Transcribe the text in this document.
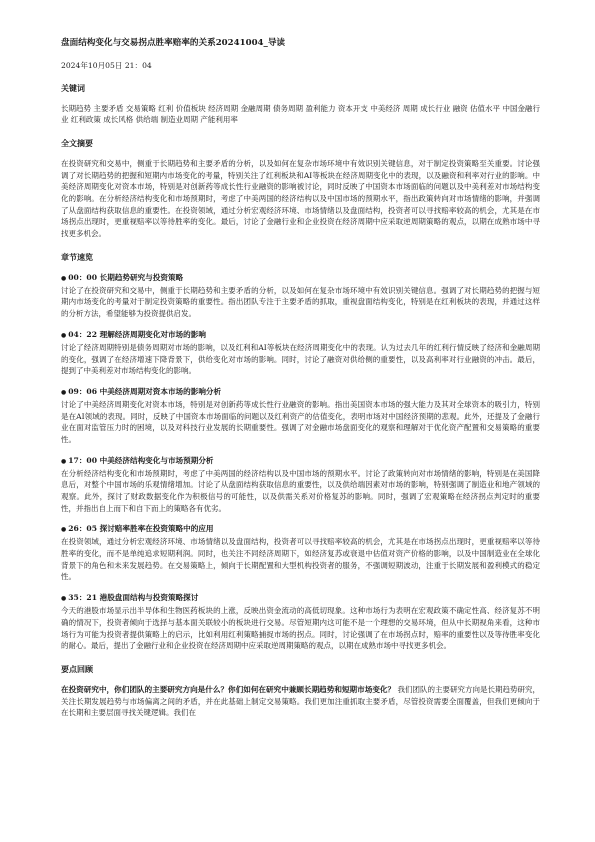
盘面结构变化与交易拐点胜率赔率的关系20241004_导读
2024年10月05日 21：04
关键词

长期趋势 主要矛盾 交易策略 红利 价值板块 经济周期 金融周期 债务周期 盈利能力 资本开支 中美经济 周期 成长行业 融资 估值水平 中国金融行业 红利政策 成长风格 供给端 制造业周期 产能利用率

全文摘要

在投资研究和交易中，侧重于长期趋势和主要矛盾的分析，以及如何在复杂市场环境中有效识别关键信息，对于制定投资策略至关重要。讨论强调了对长期趋势的把握和短期内市场变化的考量，特别关注了红利板块和AI等板块在经济周期变化中的表现，以及融资和利率对行业的影响。中美经济周期变化对资本市场，特别是对创新药等成长性行业融资的影响被讨论，同时反映了中国资本市场面临的问题以及中美利差对市场结构变化的影响。在分析经济结构变化和市场预期时，考虑了中美两国的经济结构以及中国市场的预期水平，指出政策转向对市场情绪的影响，并强调了从盘面结构获取信息的重要性。在投资领域，通过分析宏观经济环境、市场情绪以及盘面结构，投资者可以寻找赔率较高的机会，尤其是在市场拐点出现时，更重视赔率以等待胜率的变化。最后，讨论了金融行业和企业投资在经济周期中应采取逆周期策略的观点，以期在成熟市场中寻找更多机会。

章节速览
● 00：00 长期趋势研究与投资策略

讨论了在投资研究和交易中，侧重于长期趋势和主要矛盾的分析，以及如何在复杂市场环境中有效识别关键信息。强调了对长期趋势的把握与短期内市场变化的考量对于制定投资策略的重要性。指出团队专注于主要矛盾的抓取，重视盘面结构变化，特别是在红利板块的表现，并通过这样的分析方法，希望能够为投资提供启发。

● 04：22 理解经济周期变化对市场的影响

讨论了经济周期特别是债务周期对市场的影响，以及红利和AI等板块在经济周期变化中的表现。认为过去几年的红利行情反映了经济和金融周期的变化，强调了在经济增速下降背景下，供给变化对市场的影响。同时，讨论了融资对供给侧的重要性，以及高利率对行业融资的冲击。最后，提到了中美利差对市场结构变化的影响。

● 09：06 中美经济周期对资本市场的影响分析

讨论了中美经济周期变化对资本市场，特别是对创新药等成长性行业融资的影响。指出美国资本市场的强大能力及其对全球资本的吸引力，特别是在AI领域的表现。同时，反映了中国资本市场面临的问题以及红利资产的估值变化，表明市场对中国经济预期的悲观。此外，还提及了金融行业在面对监管压力时的困境，以及对科技行业发展的长期重要性。强调了对金融市场盘面变化的观察和理解对于优化资产配置和交易策略的重要性。

● 17：00 中美经济结构变化与市场预期分析

在分析经济结构变化和市场预期时，考虑了中美两国的经济结构以及中国市场的预期水平。讨论了政策转向对市场情绪的影响，特别是在美国降息后，对整个中国市场的乐观情绪增加。讨论了从盘面结构获取信息的重要性，以及供给端因素对市场的影响，特别强调了制造业和地产领域的观察。此外，探讨了财政数据变化作为积极信号的可能性，以及供需关系对价格复苏的影响。同时，强调了宏观策略在经济拐点判定时的重要性，并指出自上而下和自下而上的策略各有优劣。

● 26：05 探讨赔率胜率在投资策略中的应用

在投资领域，通过分析宏观经济环境、市场情绪以及盘面结构，投资者可以寻找赔率较高的机会，尤其是在市场拐点出现时，更重视赔率以等待胜率的变化，而不是单纯追求短期利润。同时，也关注不同经济周期下，如经济复苏或衰退中估值对资产价格的影响，以及中国制造业在全球化背景下的角色和未来发展趋势。在交易策略上，倾向于长期配置和大型机构投资者的服务，不强调短期波动，注重于长期发展和盈利模式的稳定性。

● 35：21 港股盘面结构与投资策略探讨

今天的港股市场显示出半导体和生物医药板块的上涨，反映出资金流动的高低切现象。这种市场行为表明在宏观政策不确定性高、经济复苏不明确的情况下，投资者倾向于选择与基本面关联较小的板块进行交易。尽管短期内这可能不是一个理想的交易环境，但从中长期视角来看，这种市场行为可能为投资者提供策略上的启示，比如利用红利策略捕捉市场的拐点。同时，讨论强调了在市场拐点时，赔率的重要性以及等待胜率变化的耐心。最后，提出了金融行业和企业投资在经济周期中应采取逆周期策略的观点，以期在成熟市场中寻找更多机会。

要点回顾

在投资研究中，你们团队的主要研究方向是什么？你们如何在研究中兼顾长期趋势和短期市场变化？ 我们团队的主要研究方向是长期趋势研究，关注长期发展趋势与市场偏离之间的矛盾，并在此基础上制定交易策略。我们更加注重抓取主要矛盾，尽管投资需要全面覆盖，但我们更倾向于在长期和主要层面寻找关键逻辑。我们在
